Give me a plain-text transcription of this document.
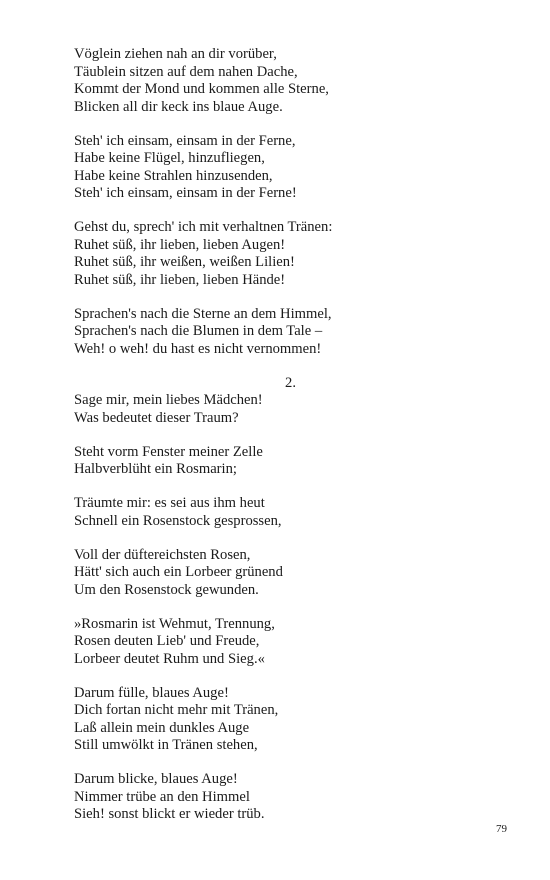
Vöglein ziehen nah an dir vorüber,
Täublein sitzen auf dem nahen Dache,
Kommt der Mond und kommen alle Sterne,
Blicken all dir keck ins blaue Auge.
Steh' ich einsam, einsam in der Ferne,
Habe keine Flügel, hinzufliegen,
Habe keine Strahlen hinzusenden,
Steh' ich einsam, einsam in der Ferne!
Gehst du, sprech' ich mit verhaltnen Tränen:
Ruhet süß, ihr lieben, lieben Augen!
Ruhet süß, ihr weißen, weißen Lilien!
Ruhet süß, ihr lieben, lieben Hände!
Sprachen's nach die Sterne an dem Himmel,
Sprachen's nach die Blumen in dem Tale –
Weh! o weh! du hast es nicht vernommen!
2.
Sage mir, mein liebes Mädchen!
Was bedeutet dieser Traum?
Steht vorm Fenster meiner Zelle
Halbverblüht ein Rosmarin;
Träumte mir: es sei aus ihm heut
Schnell ein Rosenstock gesprossen,
Voll der düftereichsten Rosen,
Hätt' sich auch ein Lorbeer grünend
Um den Rosenstock gewunden.
»Rosmarin ist Wehmut, Trennung,
Rosen deuten Lieb' und Freude,
Lorbeer deutet Ruhm und Sieg.«
Darum fülle, blaues Auge!
Dich fortan nicht mehr mit Tränen,
Laß allein mein dunkles Auge
Still umwölkt in Tränen stehen,
Darum blicke, blaues Auge!
Nimmer trübe an den Himmel
Sieh! sonst blickt er wieder trüb.
79
